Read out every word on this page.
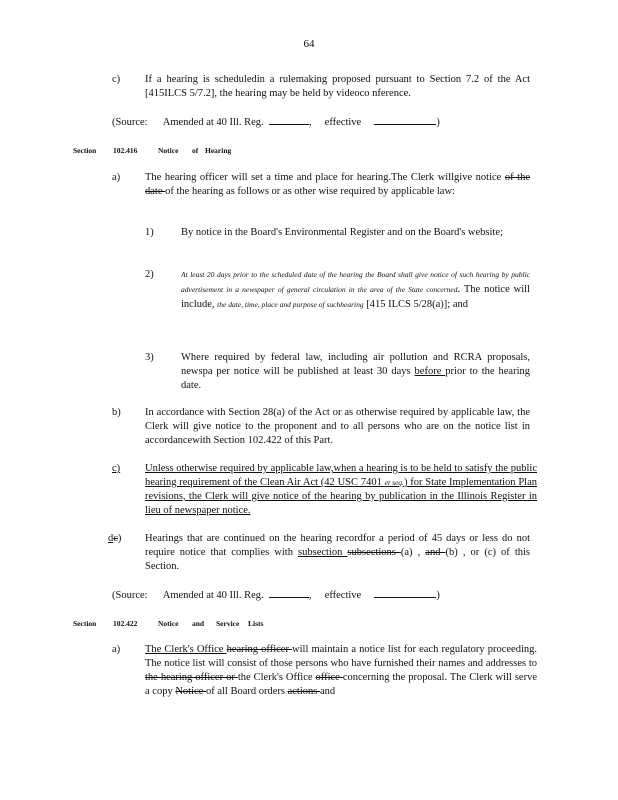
64
c) If a hearing is scheduledin a rulemaking proposed pursuant to Section 7.2 of the Act [415ILCS 5/7.2], the hearing may be held by videoco nference.
(Source: Amended at 40 Ill. Reg.	,     effective	)
Section 102.416	Notice of Hearing
a) The hearing officer will set a time and place for hearing.The Clerk willgive notice of the date of the hearing as follows or as other wise required by applicable law:
1)	By notice in the Board's Environmental Register and on the Board's website;
2)	At least 20 days prior to the scheduled date of the hearing the Board shall give notice of such hearing by public advertisement in a newspaper of general circulation in the area of the State concerned. The notice will include, the date, time, place and purpose of suchhearing [415 ILCS 5/28(a)]; and
3)	Where required by federal law, including air pollution and RCRA proposals, newspa per notice will be published at least 30 days before prior to the hearing date.
b) In accordance with Section 28(a) of the Act or as otherwise required by applicable law, the Clerk will give notice to the proponent and to all persons who are on the notice list in accordancewith Section 102.422 of this Part.
c) Unless otherwise required by applicable law,when a hearing is to be held to satisfy the public hearing requirement of the Clean Air Act (42 USC 7401 et seq.) for State Implementation Plan revisions, the Clerk will give notice of the hearing by publication in the Illinois Register in lieu of newspaper notice.
dc) Hearings that are continued on the hearing recordfor a period of 45 days or less do not require notice that complies with subsection subsections (a) , and (b) , or (c) of this Section.
(Source: Amended at 40 Ill. Reg.	,     effective	)
Section 102.422	Notice and Service Lists
a) The Clerk's Office hearing officer will maintain a notice list for each regulatory proceeding. The notice list will consist of those persons who have furnished their names and addresses to the hearing officer or the Clerk's Office office concerning the proposal. The Clerk will serve a copy Notice of all Board orders actions and
